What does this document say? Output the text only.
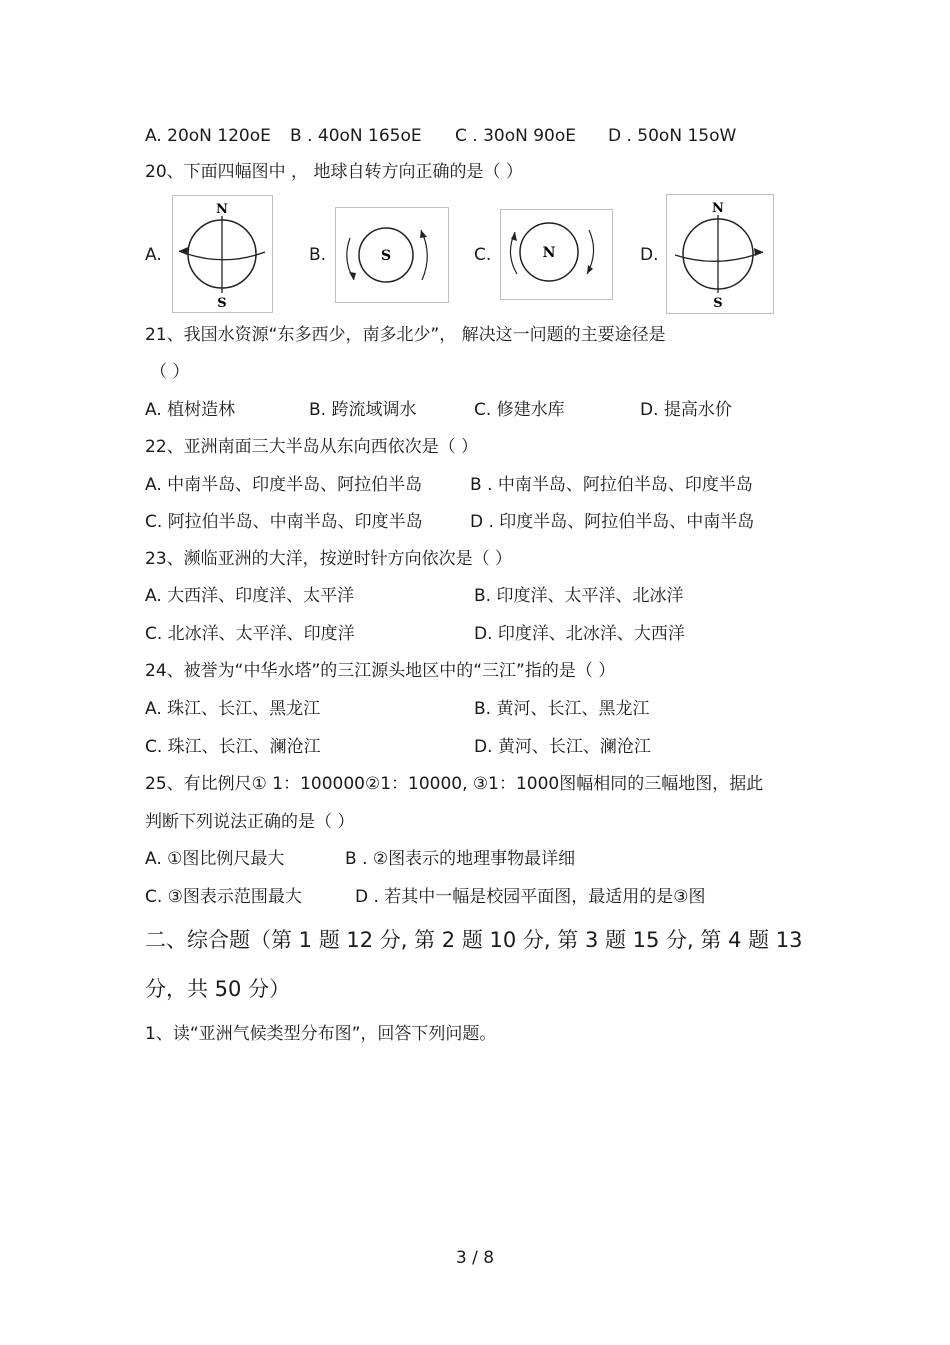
A. 20oN 120oE B . 40oN 165oE C . 30oN 90oE D . 50oN 15oW
20、下面四幅图中 ， 地球自转方向正确的是（ ）
A.
N
S
B.	S	C.	N	D.
N
S
21、我国水资源“东多西少，南多北少”， 解决这一问题的主要途径是
（ ）
A. 植树造林	B. 跨流域调水	C. 修建水库	D. 提高水价
22、亚洲南面三大半岛从东向西依次是（ ）
A. 中南半岛、印度半岛、阿拉伯半岛	B . 中南半岛、阿拉伯半岛、印度半岛
C. 阿拉伯半岛、中南半岛、印度半岛	D . 印度半岛、阿拉伯半岛、中南半岛
23、濒临亚洲的大洋，按逆时针方向依次是（ ）
A. 大西洋、印度洋、太平洋	B. 印度洋、太平洋、北冰洋
C. 北冰洋、太平洋、印度洋	D. 印度洋、北冰洋、大西洋
24、被誉为“中华水塔”的三江源头地区中的“三江”指的是（ ）
A. 珠江、长江、黑龙江	B. 黄河、长江、黑龙江
C. 珠江、长江、澜沧江	D. 黄河、长江、澜沧江
25、有比例尺① 1：100000②1：10000, ③1：1000图幅相同的三幅地图，据此
判断下列说法正确的是（ ）
A. ①图比例尺最大	B . ②图表示的地理事物最详细
C. ③图表示范围最大	D . 若其中一幅是校园平面图，最适用的是③图
二、综合题（第 1 题 12 分, 第 2 题 10 分, 第 3 题 15 分, 第 4 题 13
分，共 50 分）
1、读“亚洲气候类型分布图”，回答下列问题。
3 / 8
